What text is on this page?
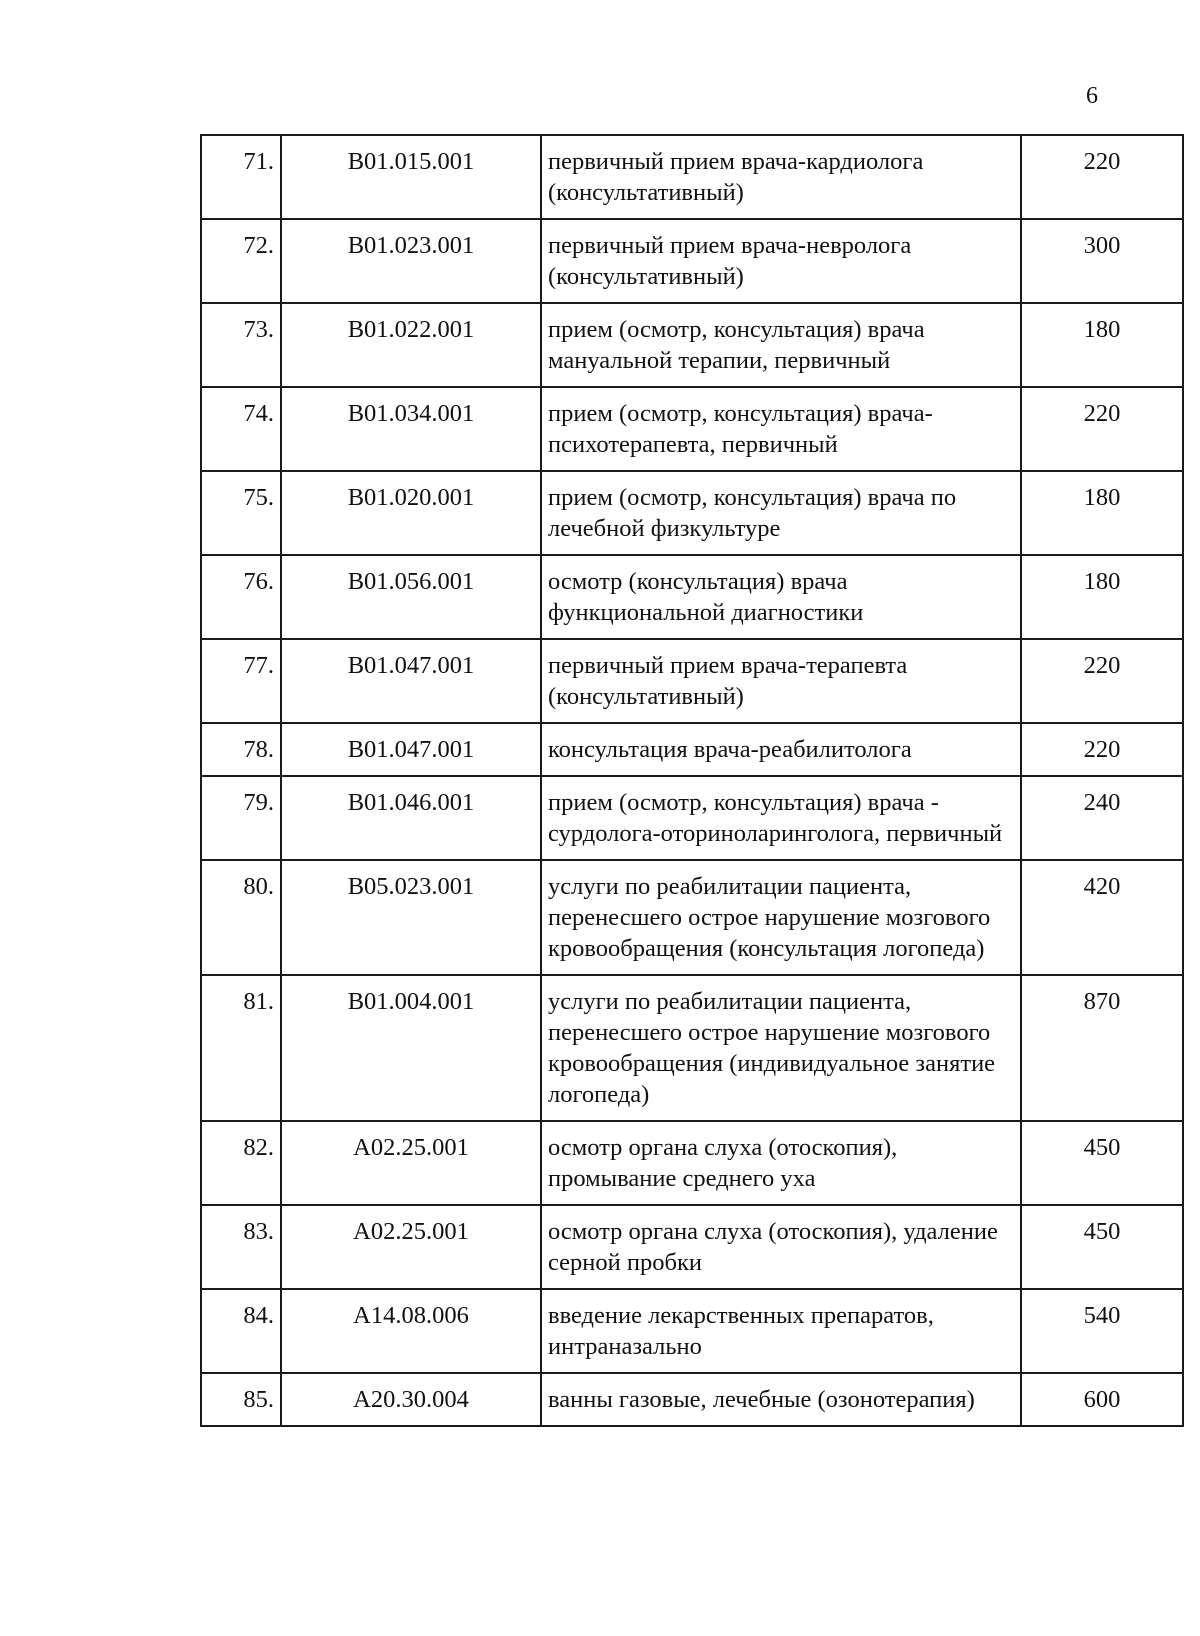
6
71.	B01.015.001	первичный прием врача-кардиолога (консультативный)	220
72.	B01.023.001	первичный прием врача-невролога (консультативный)	300
73.	B01.022.001	прием (осмотр, консультация) врача мануальной терапии, первичный	180
74.	B01.034.001	прием (осмотр, консультация) врача-психотерапевта, первичный	220
75.	B01.020.001	прием (осмотр, консультация) врача по лечебной физкультуре	180
76.	B01.056.001	осмотр (консультация) врача функциональной диагностики	180
77.	B01.047.001	первичный прием врача-терапевта (консультативный)	220
78.	B01.047.001	консультация врача-реабилитолога	220
79.	B01.046.001	прием (осмотр, консультация) врача - сурдолога-оториноларинголога, первичный	240
80.	B05.023.001	услуги по реабилитации пациента, перенесшего острое нарушение мозгового кровообращения (консультация логопеда)	420
81.	B01.004.001	услуги по реабилитации пациента, перенесшего острое нарушение мозгового кровообращения (индивидуальное занятие логопеда)	870
82.	A02.25.001	осмотр органа слуха (отоскопия), промывание среднего уха	450
83.	A02.25.001	осмотр органа слуха (отоскопия), удаление серной пробки	450
84.	A14.08.006	введение лекарственных препаратов, интраназально	540
85.	A20.30.004	ванны газовые, лечебные (озонотерапия)	600
